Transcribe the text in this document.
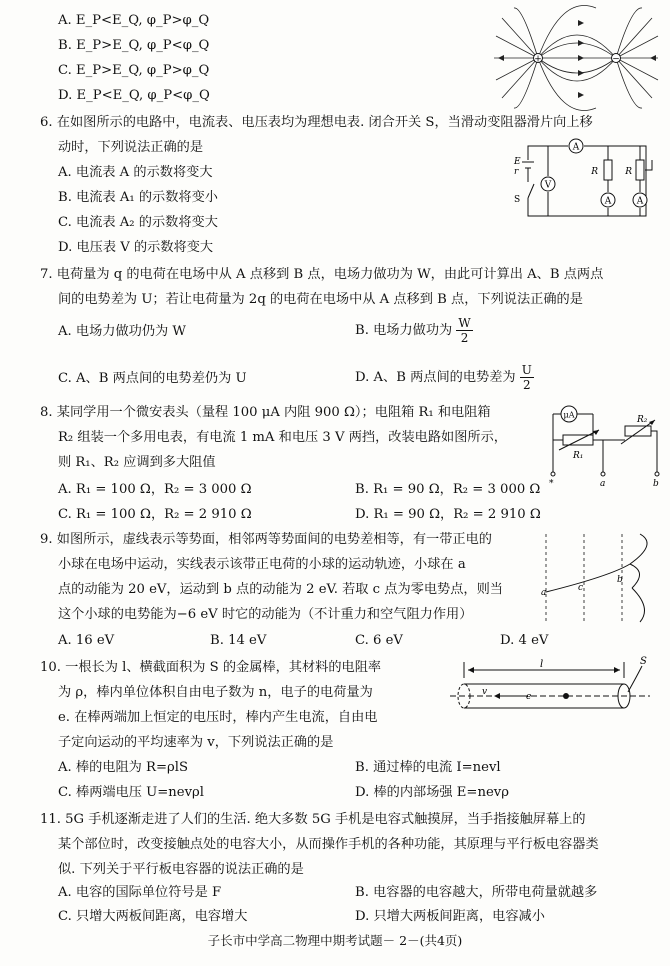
A. E_P<E_Q, φ_P>φ_Q
B. E_P>E_Q, φ_P<φ_Q
C. E_P>E_Q, φ_P>φ_Q
D. E_P<E_Q, φ_P<φ_Q
+	−
6. 在如图所示的电路中，电流表、电压表均为理想电表. 闭合开关 S，当滑动变阻器滑片向上移
动时，下列说法正确的是
A. 电流表 A 的示数将变大
B. 电流表 A₁ 的示数将变小
C. 电流表 A₂ 的示数将变大
D. 电压表 V 的示数将变大
A
V
A	A
R	R
E
r
S
7. 电荷量为 q 的电荷在电场中从 A 点移到 B 点，电场力做功为 W，由此可计算出 A、B 点两点
间的电势差为 U；若让电荷量为 2q 的电荷在电场中从 A 点移到 B 点，下列说法正确的是
A. 电场力做功仍为 W	B. 电场力做功为 $\frac{W}{2}$
C. A、B 两点间的电势差仍为 U	D. A、B 两点间的电势差为 $\frac{U}{2}$
8. 某同学用一个微安表头（量程 100 μA 内阻 900 Ω）；电阻箱 R₁ 和电阻箱
R₂ 组装一个多用电表，有电流 1 mA 和电压 3 V 两挡，改装电路如图所示，
则 R₁、R₂ 应调到多大阻值
A. R₁ = 100 Ω，R₂ = 3 000 Ω	B. R₁ = 90 Ω，R₂ = 3 000 Ω
C. R₁ = 100 Ω，R₂ = 2 910 Ω	D. R₁ = 90 Ω，R₂ = 2 910 Ω
μA
R₁
R₂
*	a	b
9. 如图所示，虚线表示等势面，相邻两等势面间的电势差相等，有一带正电的
小球在电场中运动，实线表示该带正电荷的小球的运动轨迹，小球在 a
点的动能为 20 eV，运动到 b 点的动能为 2 eV. 若取 c 点为零电势点，则当
这个小球的电势能为−6 eV 时它的动能为（不计重力和空气阻力作用）
A. 16 eV	B. 14 eV	C. 6 eV	D. 4 eV
a	c
b
10. 一根长为 l、横截面积为 S 的金属棒，其材料的电阻率
为 ρ，棒内单位体积自由电子数为 n，电子的电荷量为
e. 在棒两端加上恒定的电压时，棒内产生电流，自由电
子定向运动的平均速率为 v，下列说法正确的是
A. 棒的电阻为 R=ρlS	B. 通过棒的电流 I=nevl
C. 棒两端电压 U=nevρl	D. 棒的内部场强 E=nevρ
l	S
e
v
11. 5G 手机逐渐走进了人们的生活. 绝大多数 5G 手机是电容式触摸屏，当手指接触屏幕上的
某个部位时，改变接触点处的电容大小，从而操作手机的各种功能，其原理与平行板电容器类
似. 下列关于平行板电容器的说法正确的是
A. 电容的国际单位符号是 F	B. 电容器的电容越大，所带电荷量就越多
C. 只增大两板间距离，电容增大	D. 只增大两板间距离，电容减小
子长市中学高二物理中期考试题－ 2－(共4页)
